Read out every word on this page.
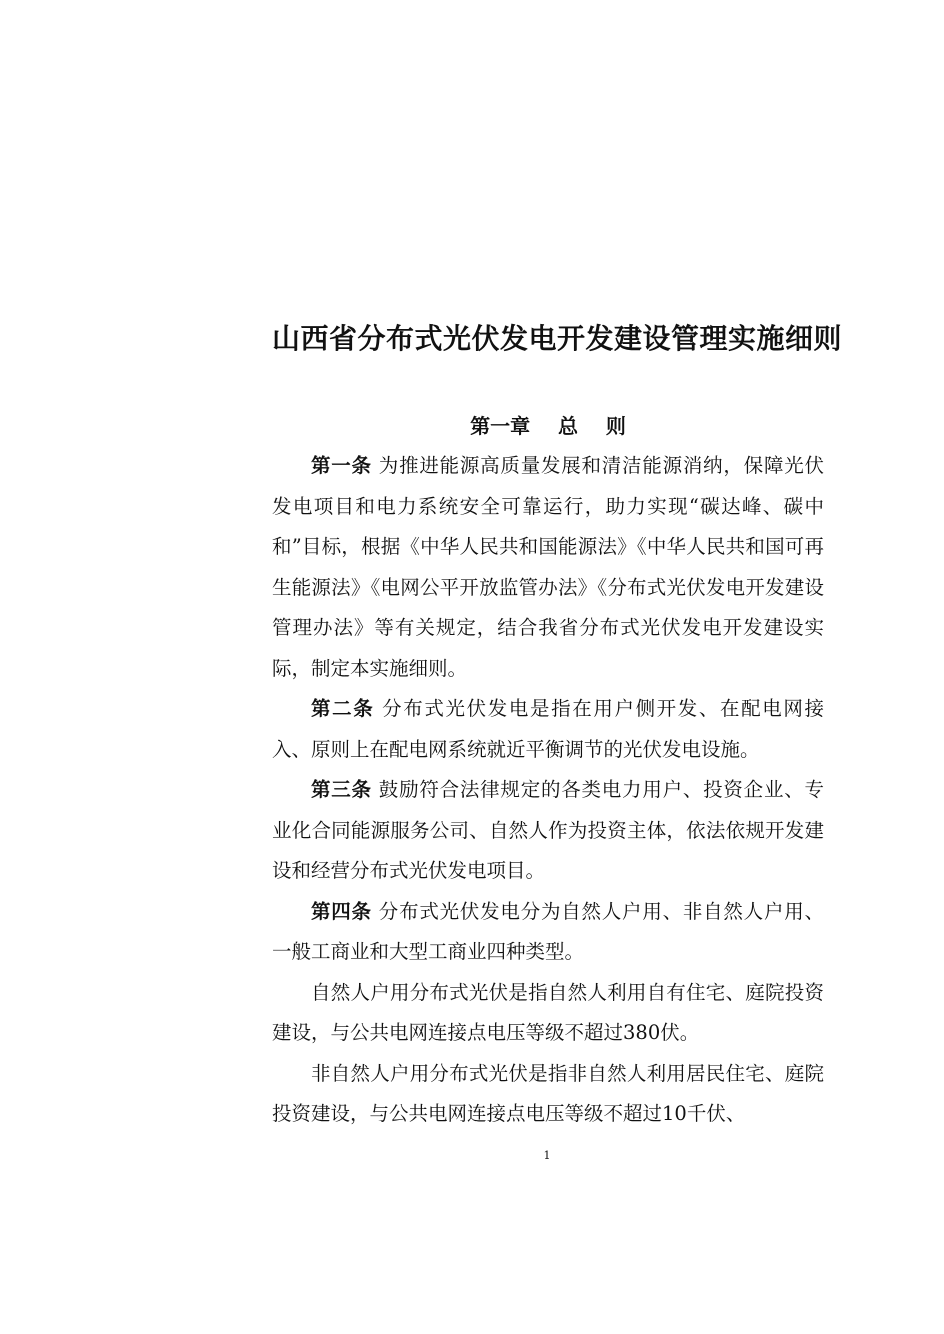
山西省分布式光伏发电开发建设管理实施细则
第一章    总    则

第一条 为推进能源高质量发展和清洁能源消纳，保障光伏发电项目和电力系统安全可靠运行，助力实现“碳达峰、碳中和”目标，根据《中华人民共和国能源法》《中华人民共和国可再生能源法》《电网公平开放监管办法》《分布式光伏发电开发建设管理办法》等有关规定，结合我省分布式光伏发电开发建设实际，制定本实施细则。

第二条 分布式光伏发电是指在用户侧开发、在配电网接入、原则上在配电网系统就近平衡调节的光伏发电设施。

第三条 鼓励符合法律规定的各类电力用户、投资企业、专业化合同能源服务公司、自然人作为投资主体，依法依规开发建设和经营分布式光伏发电项目。

第四条 分布式光伏发电分为自然人户用、非自然人户用、一般工商业和大型工商业四种类型。

自然人户用分布式光伏是指自然人利用自有住宅、庭院投资建设，与公共电网连接点电压等级不超过380伏。

非自然人户用分布式光伏是指非自然人利用居民住宅、庭院投资建设，与公共电网连接点电压等级不超过10千伏、

1
